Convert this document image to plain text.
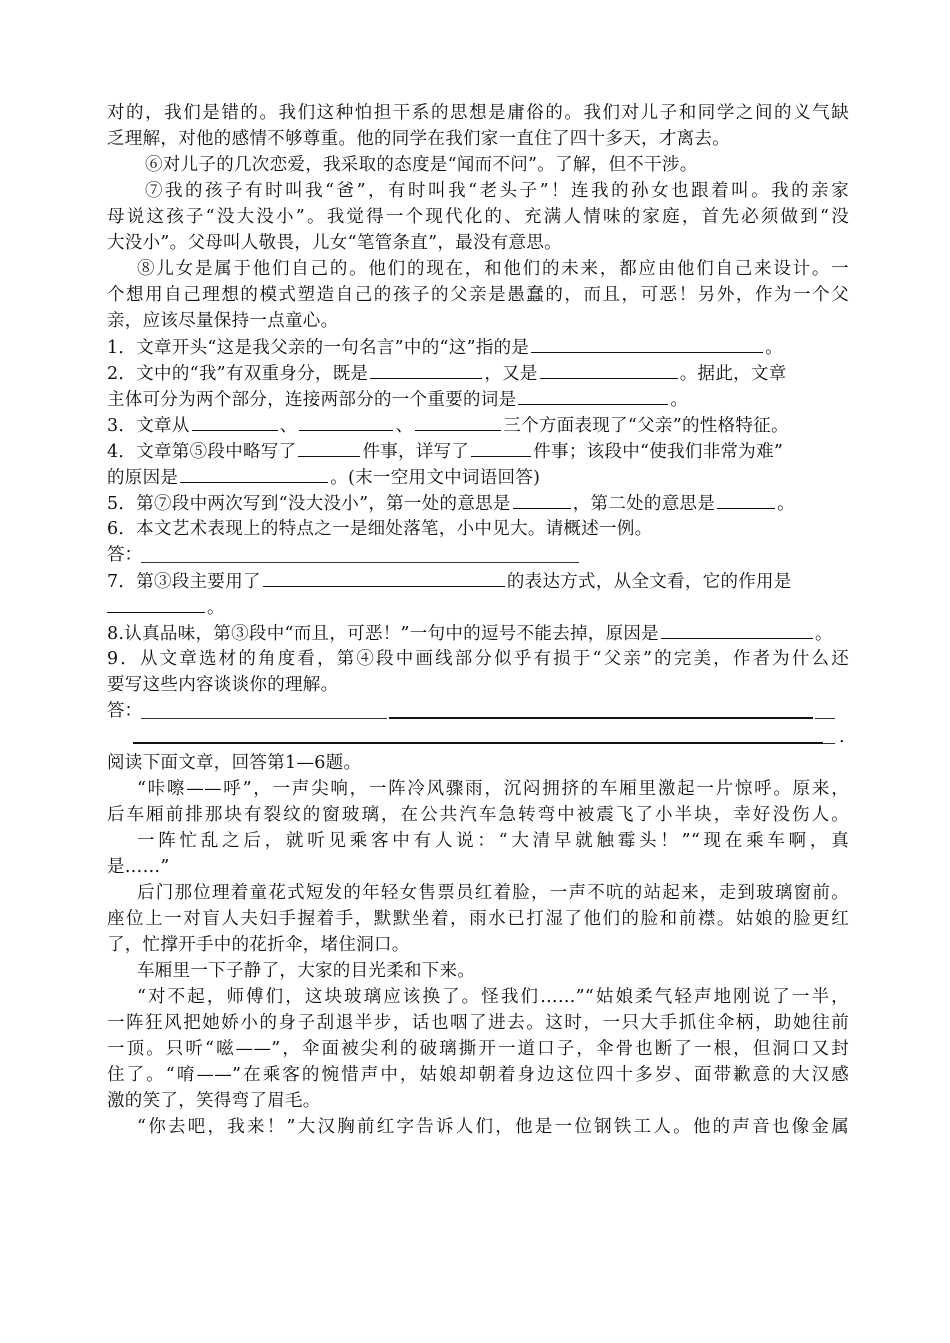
对的，我们是错的。我们这种怕担干系的思想是庸俗的。我们对儿子和同学之间的义气缺
乏理解，对他的感情不够尊重。他的同学在我们家一直住了四十多天，才离去。
⑥对儿子的几次恋爱，我采取的态度是“闻而不问”。了解，但不干涉。
⑦我的孩子有时叫我“爸”，有时叫我“老头子”！连我的孙女也跟着叫。我的亲家
母说这孩子“没大没小”。我觉得一个现代化的、充满人情味的家庭，首先必须做到“没
大没小”。父母叫人敬畏，儿女“笔管条直”，最没有意思。
⑧儿女是属于他们自己的。他们的现在，和他们的未来，都应由他们自己来设计。一
个想用自己理想的模式塑造自己的孩子的父亲是愚蠢的，而且，可恶！另外，作为一个父
亲，应该尽量保持一点童心。
1．文章开头“这是我父亲的一句名言”中的“这”指的是	。
2．文中的“我”有双重身分，既是	，又是	。据此，文章
主体可分为两个部分，连接两部分的一个重要的词是	。
3．文章从	、	、	三个方面表现了“父亲”的性格特征。
4．文章第⑤段中略写了	件事，详写了	件事；该段中“使我们非常为难”
的原因是	。(末一空用文中词语回答)
5．第⑦段中两次写到“没大没小”，第一处的意思是	，第二处的意思是	。
6．本文艺术表现上的特点之一是细处落笔，小中见大。请概述一例。
答：
7．第③段主要用了	的表达方式，从全文看，它的作用是
。
8.认真品味，第③段中“而且，可恶！”一句中的逗号不能去掉，原因是	。
9．从文章选材的角度看，第④段中画线部分似乎有损于“父亲”的完美，作者为什么还
要写这些内容谈谈你的理解。
答：
.
阅读下面文章，回答第1—6题。
“咔嚓——呼”，一声尖响，一阵冷风骤雨，沉闷拥挤的车厢里激起一片惊呼。原来，
后车厢前排那块有裂纹的窗玻璃，在公共汽车急转弯中被震飞了小半块，幸好没伤人。
一阵忙乱之后，就听见乘客中有人说：“大清早就触霉头！”“现在乘车啊，真
是……”
后门那位理着童花式短发的年轻女售票员红着脸，一声不吭的站起来，走到玻璃窗前。
座位上一对盲人夫妇手握着手，默默坐着，雨水已打湿了他们的脸和前襟。姑娘的脸更红
了，忙撑开手中的花折伞，堵住洞口。
车厢里一下子静了，大家的目光柔和下来。
“对不起，师傅们，这块玻璃应该换了。怪我们……”“姑娘柔气轻声地刚说了一半，
一阵狂风把她娇小的身子刮退半步，话也咽了进去。这时，一只大手抓住伞柄，助她往前
一顶。只听“嗞——”，伞面被尖利的破璃撕开一道口子，伞骨也断了一根，但洞口又封
住了。“唷——”在乘客的惋惜声中，姑娘却朝着身边这位四十多岁、面带歉意的大汉感
激的笑了，笑得弯了眉毛。
“你去吧，我来！”大汉胸前红字告诉人们，他是一位钢铁工人。他的声音也像金属
